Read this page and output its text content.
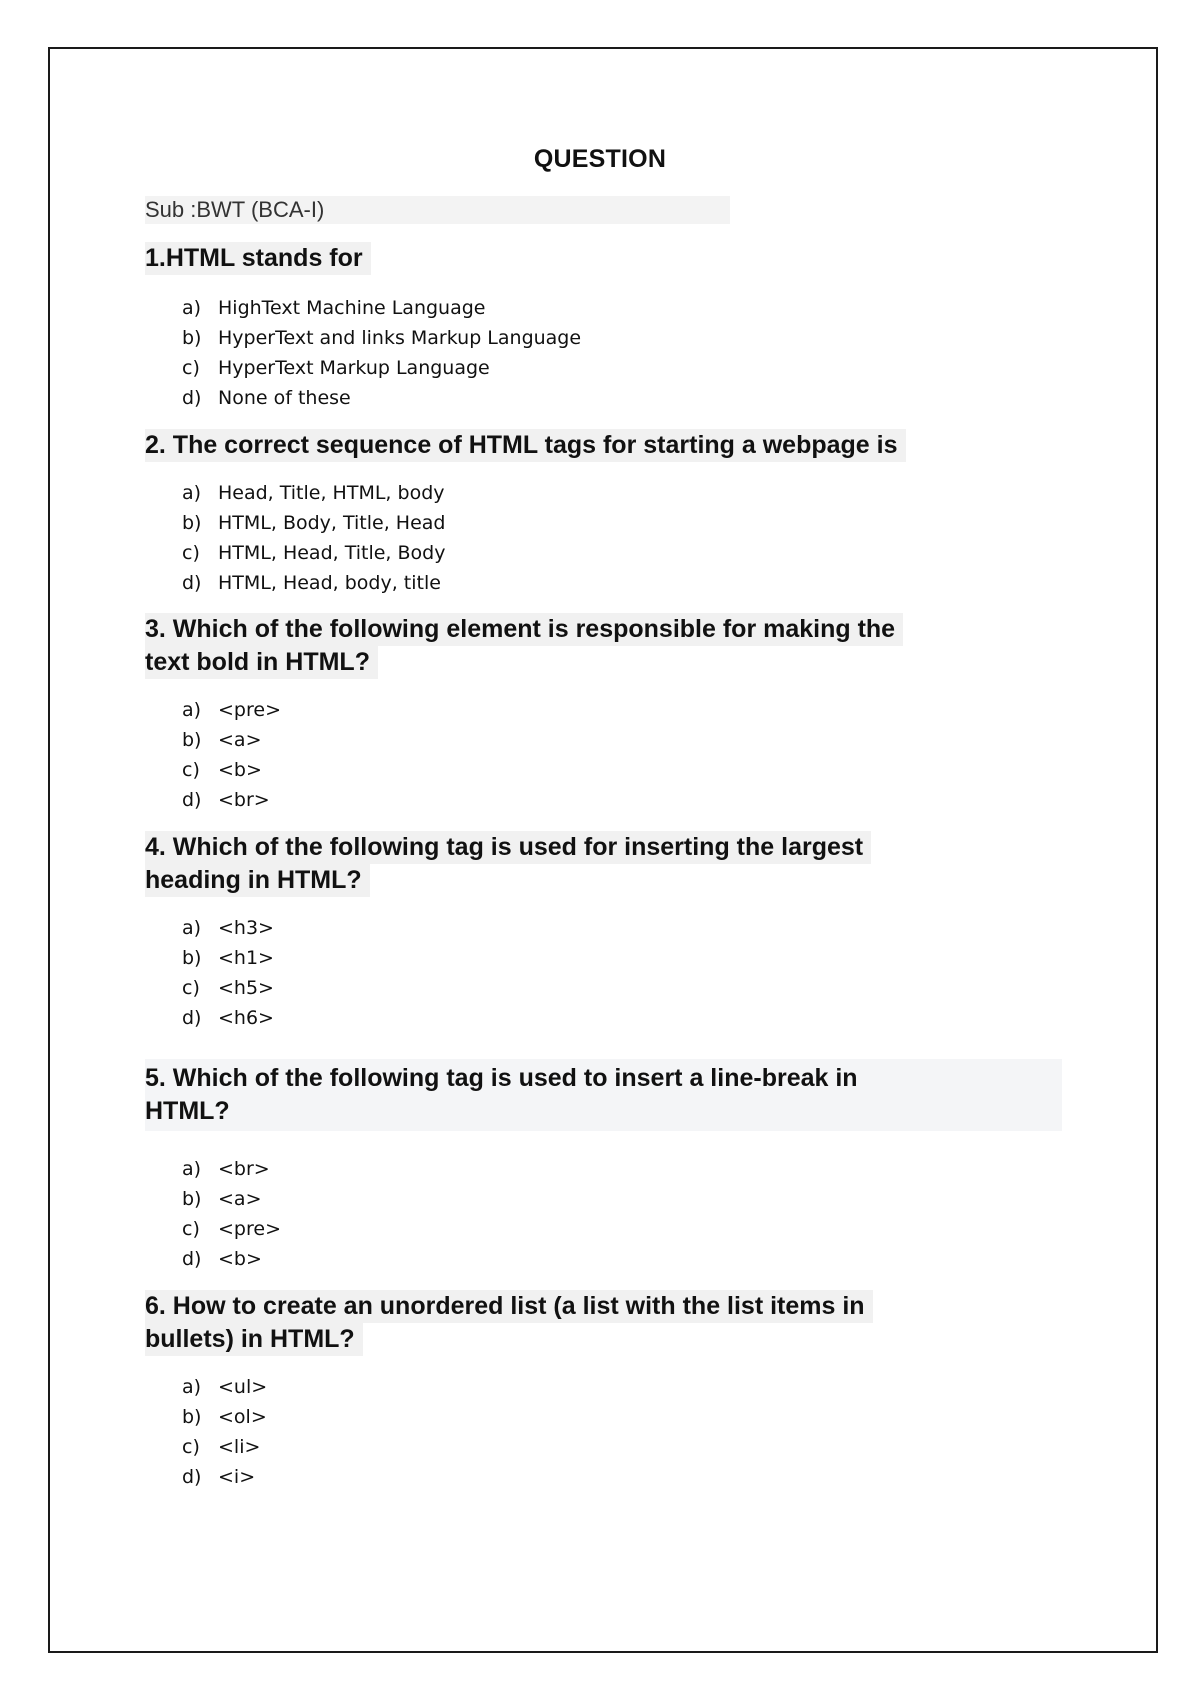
QUESTION
Sub :BWT (BCA-I)
1.HTML stands for
a) HighText Machine Language
b) HyperText and links Markup Language
c) HyperText Markup Language
d) None of these
2. The correct sequence of HTML tags for starting a webpage is
a) Head, Title, HTML, body
b) HTML, Body, Title, Head
c) HTML, Head, Title, Body
d) HTML, Head, body, title
3. Which of the following element is responsible for making the
text bold in HTML?
a) <pre>
b) <a>
c) <b>
d) <br>
4. Which of the following tag is used for inserting the largest
heading in HTML?
a) <h3>
b) <h1>
c) <h5>
d) <h6>
5. Which of the following tag is used to insert a line-break in
HTML?
a) <br>
b) <a>
c) <pre>
d) <b>
6. How to create an unordered list (a list with the list items in
bullets) in HTML?
a) <ul>
b) <ol>
c) <li>
d) <i>
